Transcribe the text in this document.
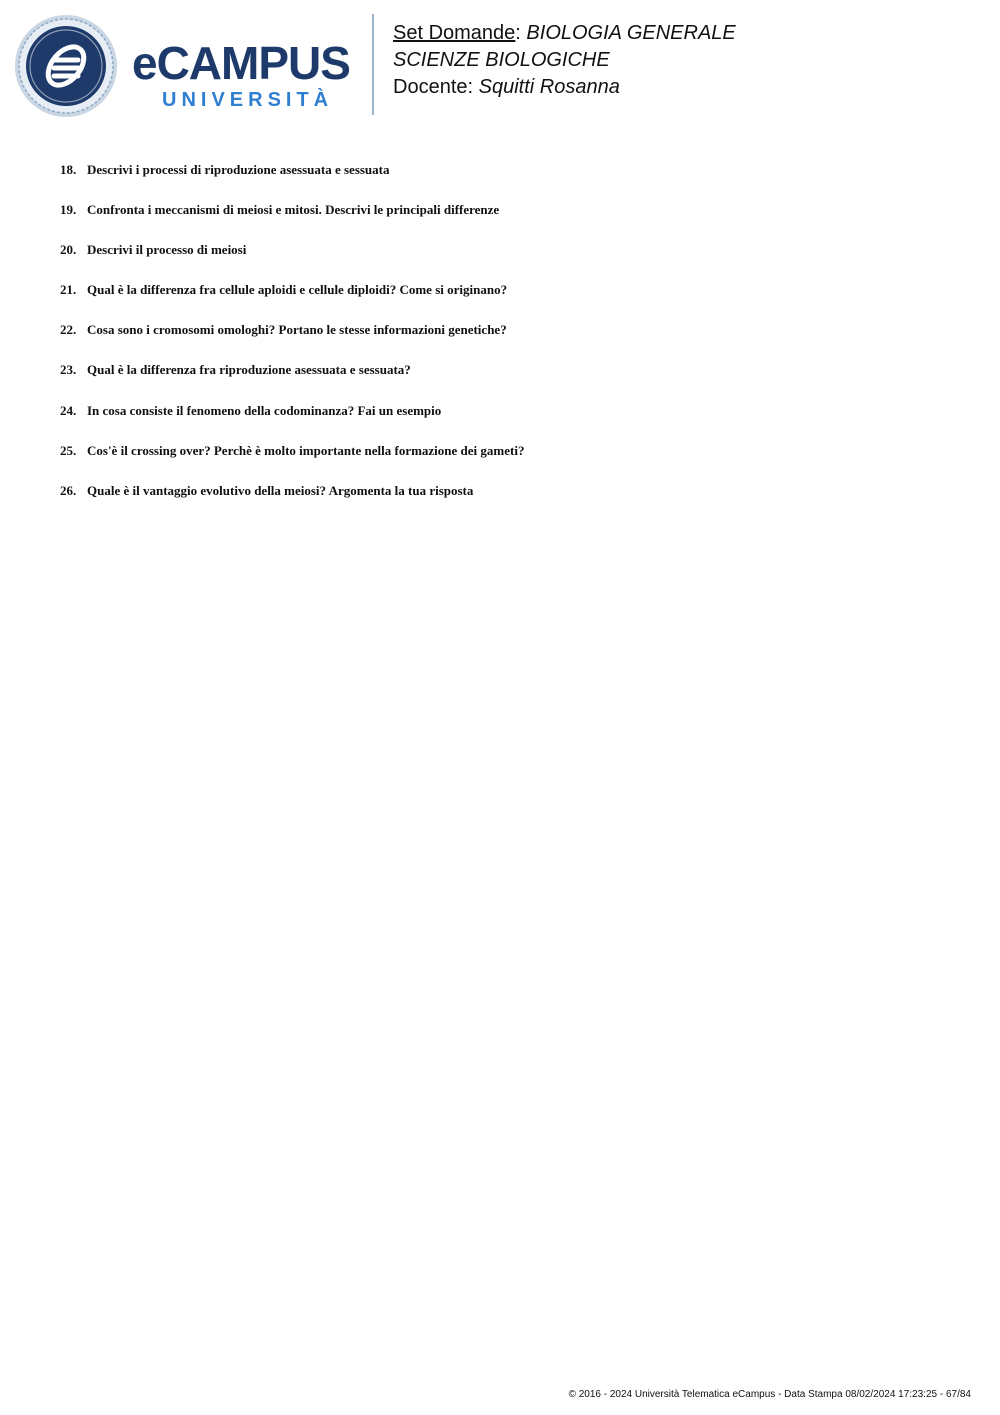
eCAMPUS
UNIVERSITÀ
Set Domande: BIOLOGIA GENERALE
SCIENZE BIOLOGICHE
Docente: Squitti Rosanna
18. Descrivi i processi di riproduzione asessuata e sessuata
19. Confronta i meccanismi di meiosi e mitosi. Descrivi le principali differenze
20. Descrivi il processo di meiosi
21. Qual è la differenza fra cellule aploidi e cellule diploidi? Come si originano?
22. Cosa sono i cromosomi omologhi? Portano le stesse informazioni genetiche?
23. Qual è la differenza fra riproduzione asessuata e sessuata?
24. In cosa consiste il fenomeno della codominanza? Fai un esempio
25. Cos'è il crossing over? Perchè è molto importante nella formazione dei gameti?
26. Quale è il vantaggio evolutivo della meiosi? Argomenta la tua risposta
© 2016 - 2024 Università Telematica eCampus - Data Stampa 08/02/2024 17:23:25 - 67/84
